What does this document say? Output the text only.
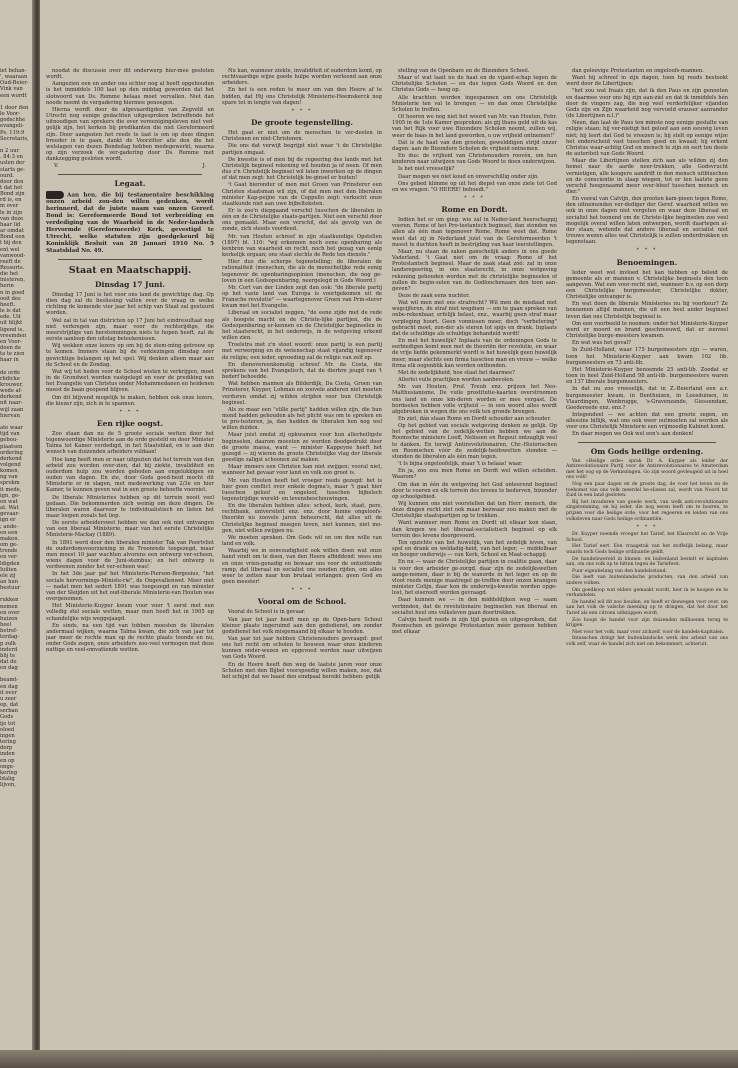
iet behan-

', waaraan

Oud-Beier-

Vink van

een wordt

1 door den

le Voor-

godschhe

evangeli-

Ps. 119:9

Secretaris,

n 2 uur

. 84:3 en

uslen der

starts ge-

ourd.

door den

t dat het

Bond zijn

rd is, en

m over

le in zijn

van deze

haar lid

ar omdat

Bond een

t bij den

ent wel

vanwood-

reeft de

Ressorts.

die het

inisteren,

herin

n in goed

ooit des

heeft.

le is dat

ede. Uit

uit blijkt

ligend is,

vreemden

en Voor-

doen de

ta te zien

haar in

de orde

rlidicke

krouwer,

wede af-

derkend

nit naar-

wijl zaan

hiervan

ate waar

tijd van

gebou-

plaatsen

ordering

derkend

volgend

komen,

ng van

sprokm

it mede,

ign, ge-

en wat

at. Wat

gevaar-

ign er

; ande-

en een

maken.

om ge-

trende

en ver-

ldigden

Iuilien

ele zij

an hun

bestuur

rukken

nemen

en over

huizen

heel

betref-

terdag-

p zulk

inderd

blij te

dat de

en dag

beamt-

en dag

it over

u zeer

op, dat

serban

Gods

ije tot

oloed

ingen

tering

dorp

inden

en op

onge-

kering

ldalig

lijven,

noodat de discussie over dit onderwerp hier-mee gesloten wordt.

Aangezien een en ander ons echter nog al heeft opgehouden is het inmiddels 100 laat op den middag geworden dat het slotwoord van Ds. Remme helaas moet vervallen. Niet dan noode neemt de vergadering hiermee genoegen.

Hierna wordt door de afgevaardigden van Zegveld en Utrecht nog eenige gedachten uitgesproken betreffende het uitnoodigen van sprekers die over vereenigingsleven niet ved-gelijk zijn, het kerken bij predikanten die niet Gereformeerd zijn. Door aangezien het reeds te laat is om op deze dingen breeder in te gaan, dankt de Voorzitter alle den die het welslagen van dezen Bondsdag hebben medegewerkt, waarna op zijn verzoek de ver-gadering door Ds. Remme met dankzegging gesloten wordt.

V.	J.
Legaat.
Aan hen, die bij testamentaire beschikking onzen arbeid zou-den willen gedenken, wordt herinnerd, dat de juiste naam van onzen Gereef. Bond is: Gereformeerde Bond tot verbreiding en verdediging van de Waarheid in de Neder-landsch Hervormde (Gereformeerde) Kerk, gevestigd te Utrecht, welke statuten zijn goedgekeurd bij Koninklijk Besluit van 28 Januari 1910 No. 5 Staatsblad No. 49.
Staat en Maatschappij.
Dinsdag 17 Juni.

Dinsdag 17 Juni is het voor ons land de gewichtige dag. Op dien dag zal de beslissing vallen over de vraag in welke richting de komende vier jaar het schip van Staat zal gestuurd worden.

Wel zal in tal van districten op 17 Juni het eindresultaat nog niet verkregen zijn, maar voor de rechtsrijdige, die meerstrijdige van herstemmingen niets te hopen heeft, zal de eerste aanloop den uitslag beteekenissen.

Wij wekken onze lezers op om bij de stem-ming getrouw op te komen. Immers staan bij de verkiezingen dinsdag zeer gewichtige belangen op het spel. Wij denken alleen maar aan de School en de Zondag.

Wat wij tot heden voor de School wisten te verkrijgen, moet in de Grondwet worden vastgelegd en voor de prediking van het Evangelie van Christus onder Mohammedanen en heidenen moest de baan geopend blijven.

Om dit blijvend mogelijk te maken, hebben ook onze lezers, die kiezer zijn, zich in te spannen.

* * *
Een rijke oogst.

Zoo staan dan nu de 5 groote sociale wetten door het tegenwoordige Ministerie aan de orde gesteld en door Minister Talma tot Kamer verdedigd, in het Staatsblad, en is aan den wensch van duizenden arbeiders voldaan!

Hoe lang heeft men er naar uitgezien dat het terrein van den arbeid zou worden over-zien, dat bij ziekte, invaliditeit en ouderdom hulp zou worden geboden aan ongelukkigen en ouden van dagen. En zie, door Gods goed-heid mocht dit Ministerie er in slagen, met medewerking van 2/3e en hier Kamer, te kunnen geven wat in een groote behoefte voorziet.

De liberale Ministeries hebben op dit terrein nooit veel gedaan. Die bekommerden zich weinig om deze dingen. De liberalen waren daarvoor te individualistisch en lieten het maar loopen zooals het liep.

De eerste arbeiderswet hebben we dan ook niet ontvangen van een liberaal Ministerie, maar van het eerste Christelijke Ministerie-Mackay (1889).

In 1891 werd door den liberalen minister Tak van Poortvliet de ouderdomsvoorziening in de Troonrede toegezegd, maar men moest 10 jaar wachten alvorens een ontwerp ver-scheen, wiens dagen voor de Juni-stembus; en het ontwerp is verdwenen zonder het ver-scheen was!

In het 3de jaar gaf het Ministerie-Pierson-Borgesius, "het sociale hervormings-Ministe-rie", de Ongevallenwet. Meer niet — nadat men het sedert 1891 was toegezegd en van minister van der Sleijden uit het oud-liberale Ministerie-van Houten was overgenomen.

Het Ministerie-Kuyper kwam voor voor 't eerst met een volledig stel sociale wetten, maar men heeft het in 1905 op schandelijke wijs weggejaagd.

En sinds, na een tijd van tobben moesten de liberalen andermaal wijken, waarna Talma kwam, die zich van jaar tot jaar meer de rechte man op de rechte plaats toonde en nu, onder Gods zegen, onze arbeiders zoo-veel vermogen met deze nuttige en veel-omvattende wetten.

Nu kan, wanneer ziekte, invaliditeit of ouderdom komt, op rechtvaardige wijze goede hulpe worden verleend aan onze arbeiders.

En het is een reden te meer om van den Heere af te bidden, dat Hij ons Christelijk Ministerie-Heemskerck nog spare tot in lengte van dagen!

* * *
De groote tegenstelling.

Het gaat er niet om de menschen te ver-deelen in Christenen en niet-Christenen.

Die ons dat verwijt begrijpt niet waar 't de Christelijke partijen omgaat.

De kwestie is of men bij de regeering des lands met het Christelijk beginsel rekening wil houden ja of neen. Of men dus z'n Christelijk beginsel wil laten inwerken op de dingen of dat men zegt: het Christelijk be-ginsel er buiten!

't Gaat hieronder of men met Groen van Prinsterer een Christen staatsman wil zijn, of dat men met den liberalen minister Kap-peijne van de Coppello zegt: verkocht onze staatkunde niet aan uwe bijbelteksten.

Er is zoo'n diepgaand verschil tusschen de liberalen in één en de Christelijke staats-partijen. Niet een verschil door ons gemaakt. Maar een verschil, dat als gevolg van de zonde, zich steeds voordeed.

Mr. van Houten schreef in zijn staatkundige Opstellen (1897) bl. 110: "wij erkennen noch eene openbaring als kenbron van waarheid en recht, noch het gezag van eenig kerkelijk orgaan; ons staat slechts de Rede ten dienste."

Hier dus die scherpe tegenstelling; de liberalen de rationaliteit (menschen, die als de menschelijke rede eenig tegenover de openbaringsopinien (menschen, die nog ge-loven in een Godsopenbaring, neergelegd in Gods Woord.)

Mr. Cort van der Linden zegt dan ook: "de liberale partij op het vaste land van Europa is voortgekomen uit de Fransche revolutie" — waartegenover Groen van Prin-sterer kwam met het Evangelie.

Liberaal en socialist zeggen, "de eene zijde met de rede als hoogste macht en de Christe-lijke partijen, die de Godsopenbaring er-kennen en de Christelijke beginselen in het staatsrecht, in het onderwijs, in de wetgeving erkend willen zien.

Troelstra met z'n stoot woord: onze partij is een partij met verwerping en de wetenschap staat vijandig tegenover de religie; een ieder, opvoeding zal de religie van zelf op.

En dienovereenkomstig schreef Mr. da Costa, die sprekens van het Evangelisch, dat de dierbre jeugd van 't bederf behoedde.

Wat hebben mannen als Bilderdijk, Da Costa, Groen van Prinsterer, Kuyper, Lohman en zoovele anderen niet moeten verduren omdat zij wilden strijden voor hun Christelijk beginsel.

Als ze maar een "stille partij" hadden willen zijn, die hun mond hadden gehouden als het plicht was om te spreken en te pro-testeren, ja, dan hadden de liberalen hen nog wel willen dulden.

Maar juist omdat zij opkwamen voor hun allerheiligste beginselen, daarom moesten ze worden doodgedrukt door de groote massa, want — minister Kappeyne heeft het gezegd — zij wieren de groote Christelijke vlag der liberale geestige zaligst schoonen zal maken.

Maar immers een Christen kan niet zwijgen; vooral niet, wanneer het gevaar voor land en volk zoo groot is.

Mr. van Houten heeft het vroeger reeds gezegd: het is hier geen conflict over enkele dogma's, maar 't gaat hier tusschen geloof en ongeloof, tusschen bijbelsch tegenstrijdige wereld- en levensbeschouwingen.

En die liberalen hebben alles: school, kerk, staat, pers, rechtbank, universiteit enz. enz. door hunne ongeloofs-theoriën nu zoovele jaren beheerscht, dat alles uit de Christelijke beginsel moegen leven, niet kunnen, niet mo-gen, niet willen zwijgen nu.

We moeten spreken. Om Gods wil en om den wille van land en volk.

Waarbij we in eenvoudigheid ook willen doen wat onze hand vindt om te doen, van den Heere afbiddend: wees ons en onze vrien-genadig en bewaar ons voor de ontzettende ramp, dat liberaal en socialist ons zouden rijden, om alles weer te zetten naar hun brutaal verlangen: geen God en geen meester!

* * *
Vooral om de School.

Vooral de School is in gevaar.

Van jaar tot jaar heeft men op de Open-bare School kleiner plaats ingeruimd aan den godsdienst, om zonder godsdienst het volk misgemaand bij elkaar te houden.

Van jaar tot jaar hebben Christenouders gevraagd: geef ons het recht om scholen te bouwen waar onze kinderen kunnen onder-wezen en opgevoed worden naar uitwijzen van Gods Woord.

En de Heere heeft den weg de laatste jaren voor onze Scholen met den Bijbel voorspoedig willen maken, zoo, dat het schijnt dat we haast den eindpaal bereikt hebben: gelijk

stelling van de Openbare en de Bizondere School.

Maar o! wat laait nu de haat en de vijand-schap tegen de Christelijke Scholen — en dus tegen Gods Woord en den Christus Gods — hoog op.

Alle krachten worden ingespannen om ons Christelijk Ministerie ten val te brengen — en dan onze Christelijke Scholen te treffen.

Of hooren we nog niet het woord van Mr. van Houten, Febr. 1905 in de 1ste Kamer gesproken: als gij thans geld uit de kas van het Rijk voor uwe Bizondere Scholen neemt, zullen wij, weer de baas in het land geworden, u uw vrijheid ontnemen!"

Dát is de haat van den grooten, gewelddigen strijd onzer dagen: aan de Bizondere Scholen de vrijheid ontnemen.

En dus: de vrijheid van Christenouders roovén, om hun kinderen naar uitwijzen van Gods Woord te doen onderwijzen.

Is het niet vreeselijk?

Daar mogen we niet koud en onverschillig onder zijn.

Ons gebed klimme op uit het diepst van onze ziele tot God en we vragen: "O HEERE! behoedt."

* * *
Rome en Dordt.

Indien het er om ging: wie zal in Neder-land heerschappij voeren, Rome of het Pro-testantsch beginsel, dan stonden we allen als één man tegenover Rome. Rome weet dat. Rome weet dat zij in Nederland juist van de Gereformeerden 't meest te duchten heeft in bestrijding van haar leerstellingen.

Maar, nu staan de zaken ganschelijk anders in ons goede Vaderland. 't Gaat niet om de vraag: Rome of het Protestantsch beginsel. Maar de zaak staat zóó: zal in onze landsregeering, in ons staatsrecht, in onze wetgeving rekening gehouden worden met de christelijke beginselen of zullen de begin-selen van de Godloochenaars den toon aan-geven?

Deze de zaak eens nuchter.

Wat wil men met ons strafrecht? Wil men de misdaad niet wegcijferen, de straf niet wegdoen — om te gaan spreken van onbe-rekenbaar, erfelijk belast, enz., waarbij geen straf maar verpleging hoort. Geen vonnissen meer, doch "verbetering" gebracht moet, zon-der als eieren tot spijs en drank. Inplaats dat de schuldige als schuldige behandeld wordt!

En met het huwelijk? Inplaats van de ordeningen Gods te eerbiedigen komt men met de theoriën der revolutie, en waar de vrije liefde gekenmerkt wordt is het huwelijk geen huwelijk meer, maar slechts een firma tusschen man en vrouw — welke firma elk oogenblik kan worden ontbonden.

Met de zedelijkheid, hoe staat het daarmee?

Allerlei vuile practijken worden aanbevolen.

Mr. van Houten, Prof. Treub enz. prijzen het Neo-Malthusianisme. De vuile prostitutie-kaarten overstroomen ons land en onze kin-deren worden er mee vergast. De bordeelen hebben volle vrijheid — in een woord alles wordt afgebroken in wegen die ons volk ten gronde brengen.

En ziet, dán staan Rome en Dordt schouder aan schouder.

Op het gebied van sociale wetgeving denken ze gelijk. Op het gebied van de zedelijk-wetten hebben we aan de Roomsche ministers Loeff, Nelissen en Regout ontzaglijk veel te danken. En terwijl Antirevolutionairen, Chr.-Historischen en Roomschen vóór de zedelijk-heidswetten stonden — stonden de liberalen als één man tegen.

't Is bijna ongeloofelijk, maar 't is helaas! waar.

En ja, zoo zou men Rome en Dordt wel willen scheiden. Waarom?

Om dan in één de wetgeving het God onteerend beginsel door te voeren en elk terrein des levens te bederven, bizonder op schoolgebied.

Wij kunnen ons niet voorstellen dat ten Herr. mensch, die deze dingen recht ziet ook maar bezwaar zou maken met de Christelijke staatspartijen op te trekken.

Want wanneer men Rome en Dordt uit elkaar kon slaan, dan kregen we het liberaal-socialistisch beginsel op elk terrein des levens doorgevoerd.

Ten opzichte van het huwelijk, van het zedelijk leven, van spel en drank en weldadig-heid, van het leger, — middelbaar en hooger onderwijs — van Kerk, School en Maat-schappij.

En nu — waar de Christelijke partijen in coalitie gaan, daar is voor den arbeider ge-zorgd, daar zijn de zedelijkswetten aange-nomen, daar is bij de wanorde in het leger en op de vloot reeds menige maatregel ge-troffen door onzen kranigen minister Colijn, daar kon de onderwijs-kwestie worden opge-lost, het eisereeft worden gevraagd.

Daar kunnen we — in den middeldijken weg — saam verbinden, dat de revolutionaire beginselen van liberaal en socialist heel ons volksleven gaan doortrekken.

Calvijn heeft reeds in zijn tijd gezien en uitgesproken, dat Roomschen en gelovige Protestanten méér gemeen hebben met elkaar

dan geloovige Protestanten en ongeloofs-mannen.

Want hij schreef in zijn dagen, toen hij reeds bestookt werd door de Libertijnen:

"het zou wat fraais zijn, dat ik den Paus en zijn genooten en daarmee voor ons bij zijn aan-ziel en dat ik inmiddels hén door de vingers zag, die nog veel verderfelijker vijanden Gods zijn en Zijn waarheid nog vervoeld erauser aanrander (de Libertijnen n.l.)"

Neen, dan laat de Paus ten minste nog eenige gestalte van religie staan; hij ver-nietigt het geloof aan een eeuwig leven niet; hij leert dat God te vreezen is; hij stelt op eenige wijze het onderscheid vast tusschen goed en kwaad; hij erkent Christus waar-achtig God en mensch te zijn en eert ten deele de autoriteit van Gods Woord.

Maar die Libertijnen stellen zich aan als wilden zij den hemel naar de aarde neer-trekken, alle Godsvrucht vernietigen, alle koogere aandrift in den mensch uitbluschen en de conscientie in slaap wiegen, tot er ten laatste geen verschil hoegenaamd meer over-bleef tusschen mensch en dier."

En vooral van Calvijn, den grooten kam-pioen tegen Rome, den uitnemenden ver-dediger der Geref. waarheid willen we ook in onze dagen niet vergeten en waar deze liberaal en socialist het toonend om de Christe-lijke beginselen zoo veel mogelijk overal willen laten ontwerpen, wordt daartegen al-der staan, wetende dat andere liberaal en socialist niet trouwe wezen alles wat Christelijk is zullen onderdrukken en tegenstaan.

* * *
Benoemingen.

Ieder weet wel invloed het kan hebben op beleid de gemeente als er mannen v. Christelijke beginsels den toon aangeven. Wat een voor-recht niet, wanneer b.v. op een dorp een Christelijke burgemeester, Christelijke dokter, Christelijke ontvanger is.

En wat doen de liberale Ministeries nu bij voorkeur? Ze benoemen altijd mannen, die uit een heel ander beginsel leven dan ons Christelijk beginsel is.

Om een voorbeeld te noemen: onder het Ministerie-Kuyper werd er moord en brand geschreeuwd, dat er zooveel Christelijke burge-meesters kwamen.

En wat was het geval?

In Zuid-Holland, waar 175 burgemeesters zijn — waren, toen het Ministerie-Kuyper aan kwam 102 lib. burgemeesters en 73 anti-lib.

Het Ministerie-Kuyper benoemde 25 anti-lib. Zoodat er toen in heel Zuid-Holland 98 anti-lib. burgemeesters waren en 137 liberale burgemeesters.

In dat nu zoo vreeselijk, dat in Z.-Beierland een a.r. burgemeester kwam, in Benthuizen, in Loosduinen, in Vlaardingen, Wenbrugge, 's-Gravenzande, Giessendam, Goedereede enz. enz.?

Integendeel — we achten dat een groote zegen, en allessins billijk, wat ons ook weer outmoeten zal worden als voor ons Christelijk Ministerie een vrijmoedig Kabinet komt.

En daar mogen we Ook wel een's aan denken!

Om Gods heilige ordening.

Van »Heilige orde« sprak Dr. A. Kuyper als leider der Antirevolutionaire Partij voor de Antirevolutionaires te Amsterdam met het oog op de Verkiezingen. Go zijn woord gevleugeld uit in heel ons volk!

Nog een paar dagen en de groote dag, de voor het leven en de toekomst van ons volk meerdel be-slissen zal, wordt van Noord tot Zuid in een land gesloten.

Bij het invaderen van goede werk, van welk anti-revolutionaire zingstemming, en bij ieder, die nog eeren leeft om te hooren, te prijzen voor die heilige orde, voor het regeeren en leiden van ons volksleven naar Gods heilige ordinantiën.

* * *

Dr. Kuyper noemde vroeger het Tarief, het Klasrecht en de Vrije School.

Het Tarief eert. Een vraagstuk van het stoffelijk belang, maar waarin toch Gods heilige ordinantie geldt.

De handelswereld in binnen- en buitenland bestelt er kapitalen aan, om ons volk op te bitten tegen de Tariefwet.

Puur eigenbelang van den handelsstand.

Die leeft van buitenlandsche producten, van den arbeid van andere volken.

Om goedkoop wat elders gemaakt wordt, hier in te koopen en te verhandelen.

De handel wil dit zoo houden, en heeft er deswegen voor over, om aan het volk de valsche meening op te dringen, dat het door het Tarief als een citroen uitknippen wordt.

Zoo hoopt de handel voor zijn duizenden millioenen terug te krijgen.

Niet voor het volk, maar voor zichzelf, voor de handels-kapitalen.

Intusschen dringt het buitenlandsche werk des arbeid van ons volk zelf, waar de handel zich niet om bekommert, achteruit.
